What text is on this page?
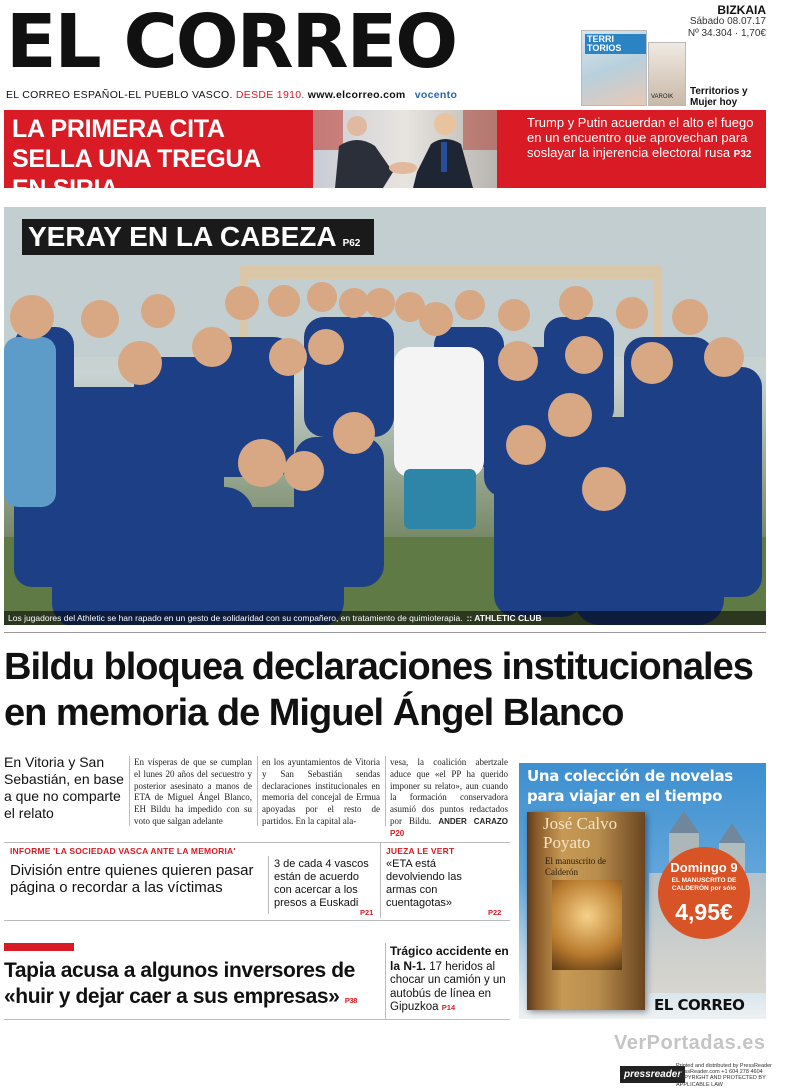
EL CORREO
EL CORREO ESPAÑOL-EL PUEBLO VASCO. DESDE 1910. www.elcorreo.com vocento
BIZKAIA
Sábado 08.07.17
Nº 34.304 · 1,70€
TERRI TORIOS
VAROIK Territorios y Mujer hoy
LA PRIMERA CITA SELLA UNA TREGUA EN SIRIA
Trump y Putin acuerdan el alto el fuego en un encuentro que aprovechan para soslayar la injerencia electoral rusa P32
YERAY EN LA CABEZA P62
Los jugadores del Athletic se han rapado en un gesto de solidaridad con su compañero, en tratamiento de quimioterapia. :: ATHLETIC CLUB
Bildu bloquea declaraciones institucionales en memoria de Miguel Ángel Blanco
En Vitoria y San Sebastián, en base a que no comparte el relato
En vísperas de que se cumplan el lunes 20 años del secuestro y posterior asesinato a manos de ETA de Miguel Ángel Blanco, EH Bildu ha impedido con su voto que salgan adelante
en los ayuntamientos de Vitoria y San Sebastián sendas declaraciones institucionales en memoria del concejal de Ermua apoyadas por el resto de partidos. En la capital ala-
vesa, la coalición abertzale aduce que «el PP ha querido imponer su relato», aun cuando la formación conservadora asumió dos puntos redactados por Bildu. ANDER CARAZO P20
INFORME 'LA SOCIEDAD VASCA ANTE LA MEMORIA'
División entre quienes quieren pasar página o recordar a las víctimas
3 de cada 4 vascos están de acuerdo con acercar a los presos a Euskadi
P21
JUEZA LE VERT
«ETA está devolviendo las armas con cuentagotas»
P22
Tapia acusa a algunos inversores de «huir y dejar caer a sus empresas» P38
Trágico accidente en la N-1. 17 heridos al chocar un camión y un autobús de línea en Gipuzkoa P14
Una colección de novelas para viajar en el tiempo
José Calvo Poyato
El manuscrito de Calderón	Domingo 9
EL MANUSCRITO DE CALDERÓN por sólo
4,95€
EL CORREO
VerPortadas.es
pressreader
Printed and distributed by PressReader PressReader.com +1 604 278 4604 COPYRIGHT AND PROTECTED BY APPLICABLE LAW
